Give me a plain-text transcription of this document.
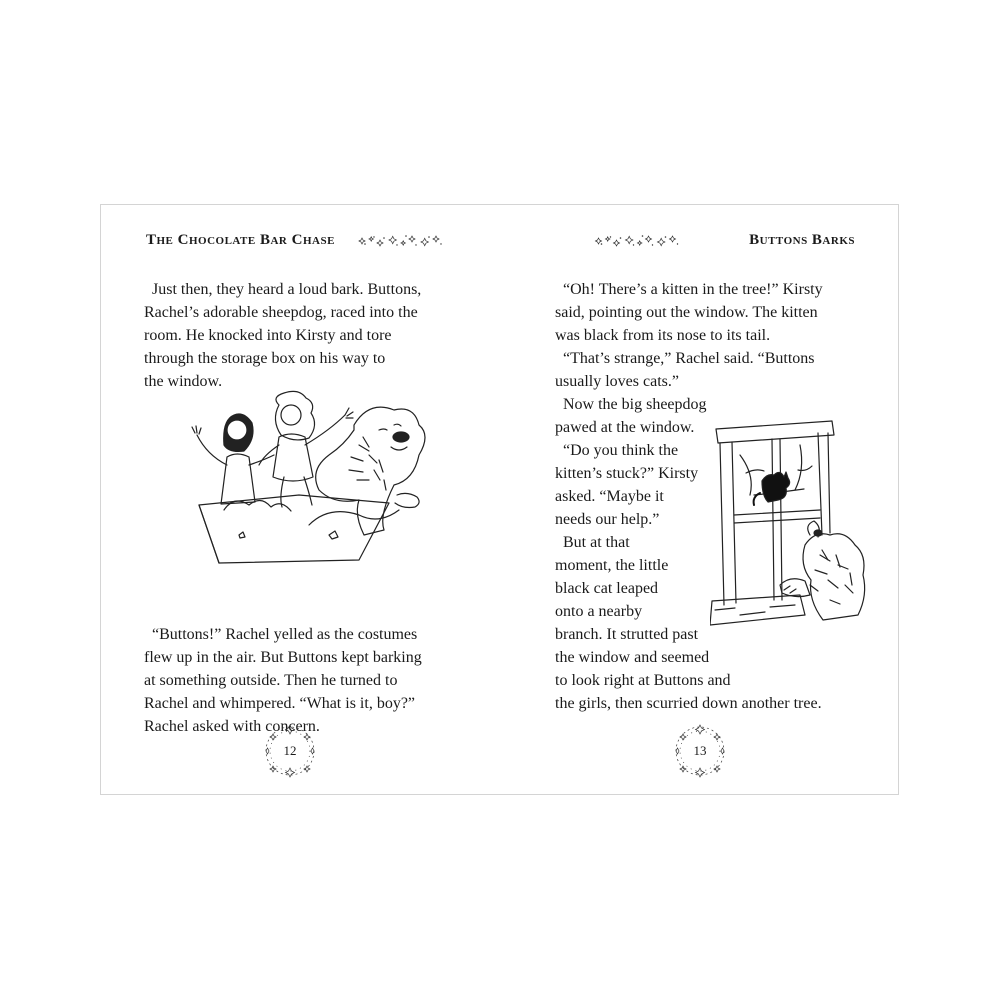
The Chocolate Bar Chase
Just then, they heard a loud bark. Buttons,
Rachel’s adorable sheepdog, raced into the
room. He knocked into Kirsty and tore
through the storage box on his way to
the window.
“Buttons!” Rachel yelled as the costumes
flew up in the air. But Buttons kept barking
at something outside. Then he turned to
Rachel and whimpered. “What is it, boy?”
Rachel asked with concern.
12
Buttons Barks
“Oh! There’s a kitten in the tree!” Kirsty
said, pointing out the window. The kitten
was black from its nose to its tail.
“That’s strange,” Rachel said. “Buttons
usually loves cats.”
Now the big sheepdog
pawed at the window.
“Do you think the
kitten’s stuck?” Kirsty
asked. “Maybe it
needs our help.”
But at that
moment, the little
black cat leaped
onto a nearby
branch. It strutted past
the window and seemed
to look right at Buttons and
the girls, then scurried down another tree.
13
